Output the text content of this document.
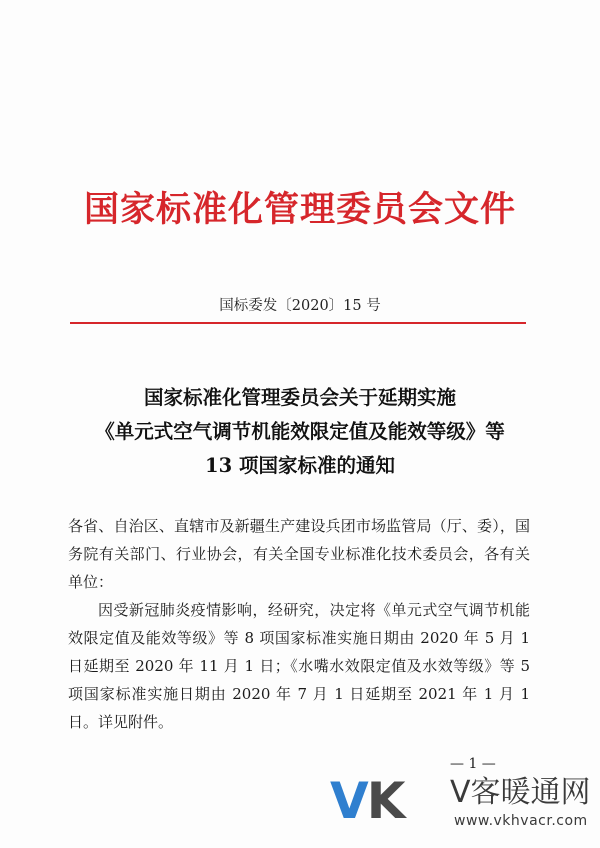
国家标准化管理委员会文件
国标委发〔2020〕15 号
国家标准化管理委员会关于延期实施
《单元式空气调节机能效限定值及能效等级》等
13 项国家标准的通知

各省、自治区、直辖市及新疆生产建设兵团市场监管局（厅、委），国务院有关部门、行业协会，有关全国专业标准化技术委员会，各有关单位：

因受新冠肺炎疫情影响，经研究，决定将《单元式空气调节机能效限定值及能效等级》等 8 项国家标准实施日期由 2020 年 5 月 1 日延期至 2020 年 11 月 1 日；《水嘴水效限定值及水效等级》等 5 项国家标准实施日期由 2020 年 7 月 1 日延期至 2021 年 1 月 1 日。详见附件。

— 1 —
VK V客暖通网
www.vkhvacr.com
